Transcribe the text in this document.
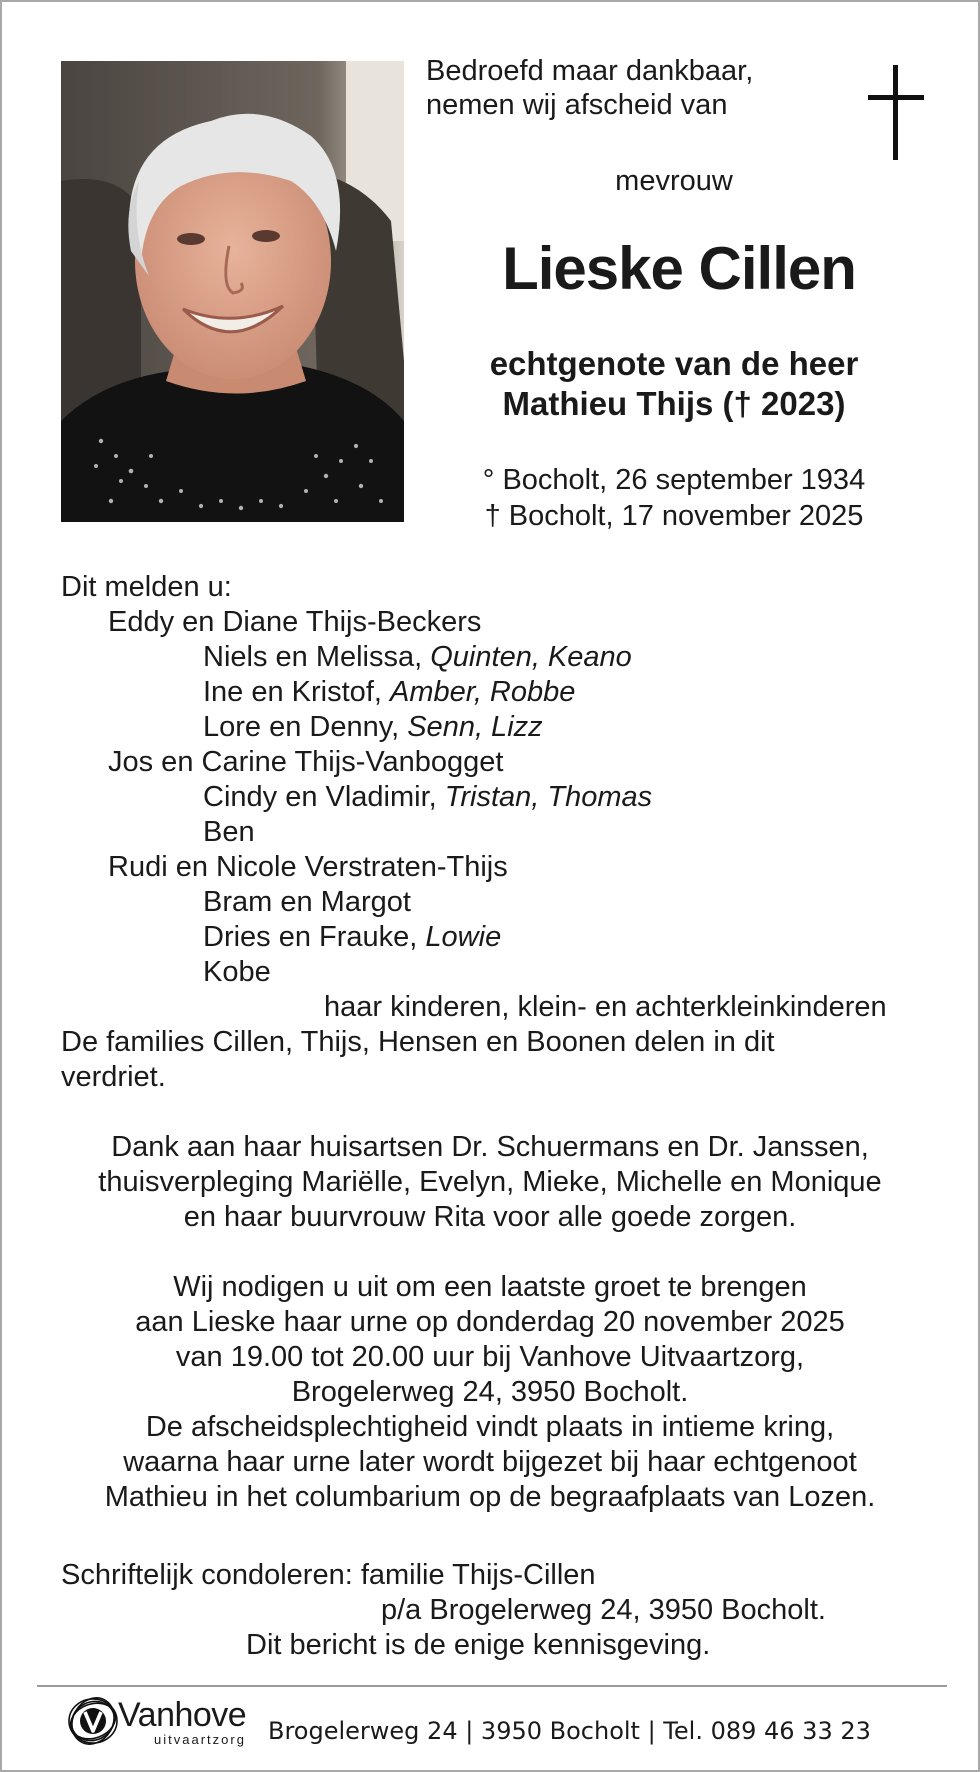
Bedroefd maar dankbaar,
nemen wij afscheid van
mevrouw
Lieske Cillen
echtgenote van de heer
Mathieu Thijs († 2023)
° Bocholt, 26 september 1934
† Bocholt, 17 november 2025
Dit melden u:
Eddy en Diane Thijs-Beckers
Niels en Melissa, Quinten, Keano
Ine en Kristof, Amber, Robbe
Lore en Denny, Senn, Lizz
Jos en Carine Thijs-Vanbogget
Cindy en Vladimir, Tristan, Thomas
Ben
Rudi en Nicole Verstraten-Thijs
Bram en Margot
Dries en Frauke, Lowie
Kobe
haar kinderen, klein- en achterkleinkinderen
De families Cillen, Thijs, Hensen en Boonen delen in dit
verdriet.
Dank aan haar huisartsen Dr. Schuermans en Dr. Janssen,
thuisverpleging Mariëlle, Evelyn, Mieke, Michelle en Monique
en haar buurvrouw Rita voor alle goede zorgen.
Wij nodigen u uit om een laatste groet te brengen
aan Lieske haar urne op donderdag 20 november 2025
van 19.00 tot 20.00 uur bij Vanhove Uitvaartzorg,
Brogelerweg 24, 3950 Bocholt.
De afscheidsplechtigheid vindt plaats in intieme kring,
waarna haar urne later wordt bijgezet bij haar echtgenoot
Mathieu in het columbarium op de begraafplaats van Lozen.
Schriftelijk condoleren: familie Thijs-Cillen
p/a Brogelerweg 24, 3950 Bocholt.
Dit bericht is de enige kennisgeving.
Vanhove
uitvaartzorg Brogelerweg 24 | 3950 Bocholt | Tel. 089 46 33 23
